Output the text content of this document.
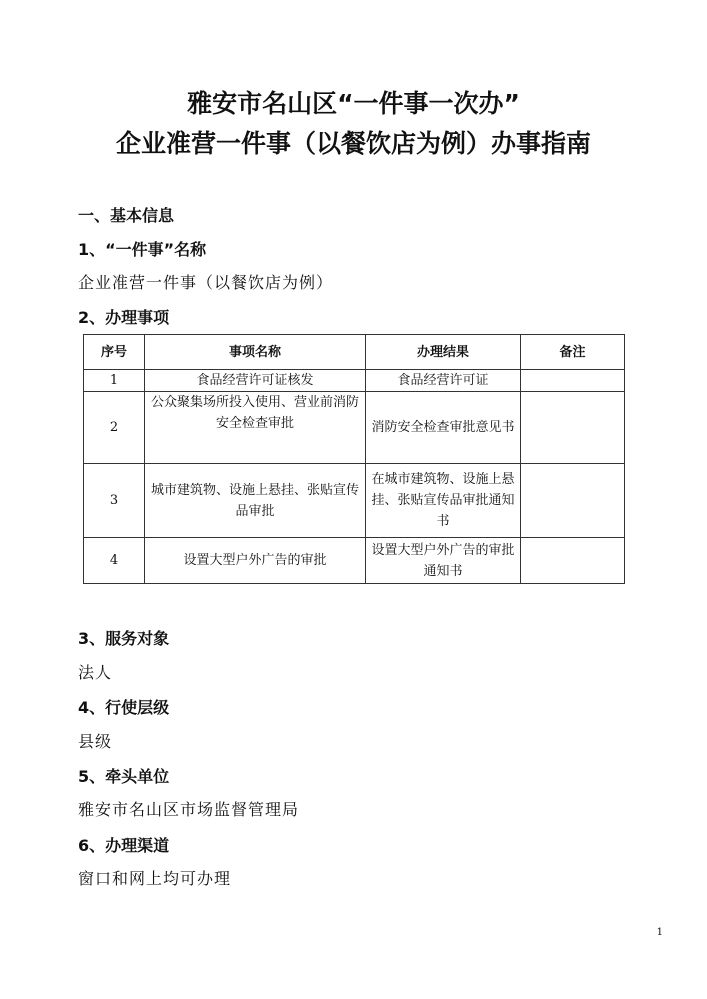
雅安市名山区“一件事一次办”
企业准营一件事（以餐饮店为例）办事指南
一、基本信息
1、“一件事”名称
企业准营一件事（以餐饮店为例）
2、办理事项
序号	事项名称	办理结果	备注
1	食品经营许可证核发	食品经营许可证	
2	公众聚集场所投入使用、营业前消防安全检查审批	消防安全检查审批意见书	
3	城市建筑物、设施上悬挂、张贴宣传品审批	在城市建筑物、设施上悬挂、张贴宣传品审批通知书	
4	设置大型户外广告的审批	设置大型户外广告的审批通知书	
3、服务对象
法人
4、行使层级
县级
5、牵头单位
雅安市名山区市场监督管理局
6、办理渠道
窗口和网上均可办理
1
